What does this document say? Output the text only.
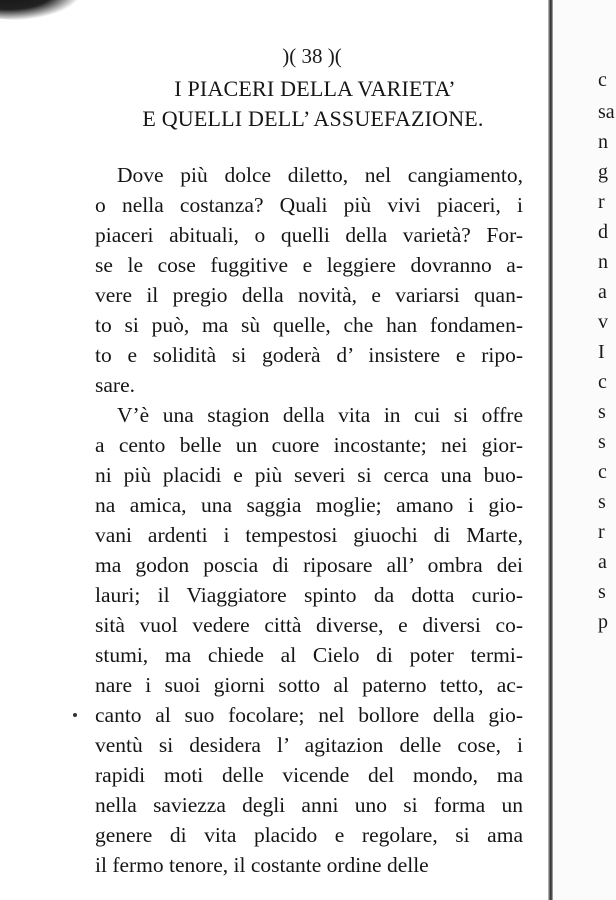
)( 38 )(
I PIACERI DELLA VARIETA’
E QUELLI DELL’ ASSUEFAZIONE.
Dove più dolce diletto, nel cangiamento,
o nella costanza? Quali più vivi piaceri, i
piaceri abituali, o quelli della varietà? For-
se le cose fuggitive e leggiere dovranno a-
vere il pregio della novità, e variarsi quan-
to si può, ma sù quelle, che han fondamen-
to e solidità si goderà d’ insistere e ripo-
sare.
V’è una stagion della vita in cui si offre
a cento belle un cuore incostante; nei gior-
ni più placidi e più severi si cerca una buo-
na amica, una saggia moglie; amano i gio-
vani ardenti i tempestosi giuochi di Marte,
ma godon poscia di riposare all’ ombra dei
lauri; il Viaggiatore spinto da dotta curio-
sità vuol vedere città diverse, e diversi co-
stumi, ma chiede al Cielo di poter termi-
nare i suoi giorni sotto al paterno tetto, ac-
canto al suo focolare; nel bollore della gio-
ventù si desidera l’ agitazion delle cose, i
rapidi moti delle vicende del mondo, ma
nella saviezza degli anni uno si forma un
genere di vita placido e regolare, si ama
il fermo tenore, il costante ordine delle
c
sa
n
g
r
d
n
a
v
I
c
s
s
c
s
r
a
s
p
